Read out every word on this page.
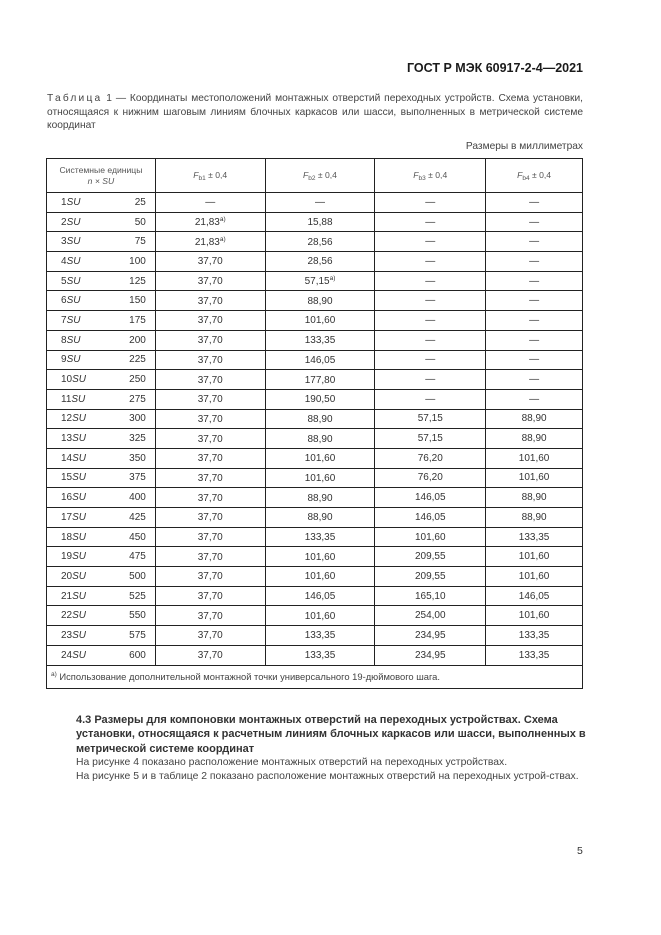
ГОСТ Р МЭК 60917-2-4—2021
Таблица 1 — Координаты местоположений монтажных отверстий переходных устройств. Схема установки, относящаяся к нижним шаговым линиям блочных каркасов или шасси, выполненных в метрической системе координат
Размеры в миллиметрах
Системные единицы
n × SU	$F_{b1} \pm 0,4$	$F_{b2} \pm 0,4$	$F_{b3} \pm 0,4$	$F_{b4} \pm 0,4$

1SU 25	—	—	—	—

2SU 50	21,83$^{a)}$	15,88	—	—

3SU 75	21,83$^{a)}$	28,56	—	—

4SU 100	37,70	28,56	—	—

5SU 125	37,70	57,15$^{a)}$	—	—

6SU 150	37,70	88,90	—	—

7SU 175	37,70	101,60	—	—

8SU 200	37,70	133,35	—	—

9SU 225	37,70	146,05	—	—

10SU 250	37,70	177,80	—	—

11SU 275	37,70	190,50	—	—

12SU 300	37,70	88,90	57,15	88,90

13SU 325	37,70	88,90	57,15	88,90

14SU 350	37,70	101,60	76,20	101,60

15SU 375	37,70	101,60	76,20	101,60

16SU 400	37,70	88,90	146,05	88,90

17SU 425	37,70	88,90	146,05	88,90

18SU 450	37,70	133,35	101,60	133,35

19SU 475	37,70	101,60	209,55	101,60

20SU 500	37,70	101,60	209,55	101,60

21SU 525	37,70	146,05	165,10	146,05

22SU 550	37,70	101,60	254,00	101,60

23SU 575	37,70	133,35	234,95	133,35

24SU 600	37,70	133,35	234,95	133,35
$^{a)}$ Использование дополнительной монтажной точки универсального 19-дюймового шага.				
4.3 Размеры для компоновки монтажных отверстий на переходных устройствах. Схема установки, относящаяся к расчетным линиям блочных каркасов или шасси, выполненных в метрической системе координат
На рисунке 4 показано расположение монтажных отверстий на переходных устройствах.
На рисунке 5 и в таблице 2 показано расположение монтажных отверстий на переходных устрой-ствах.
5
